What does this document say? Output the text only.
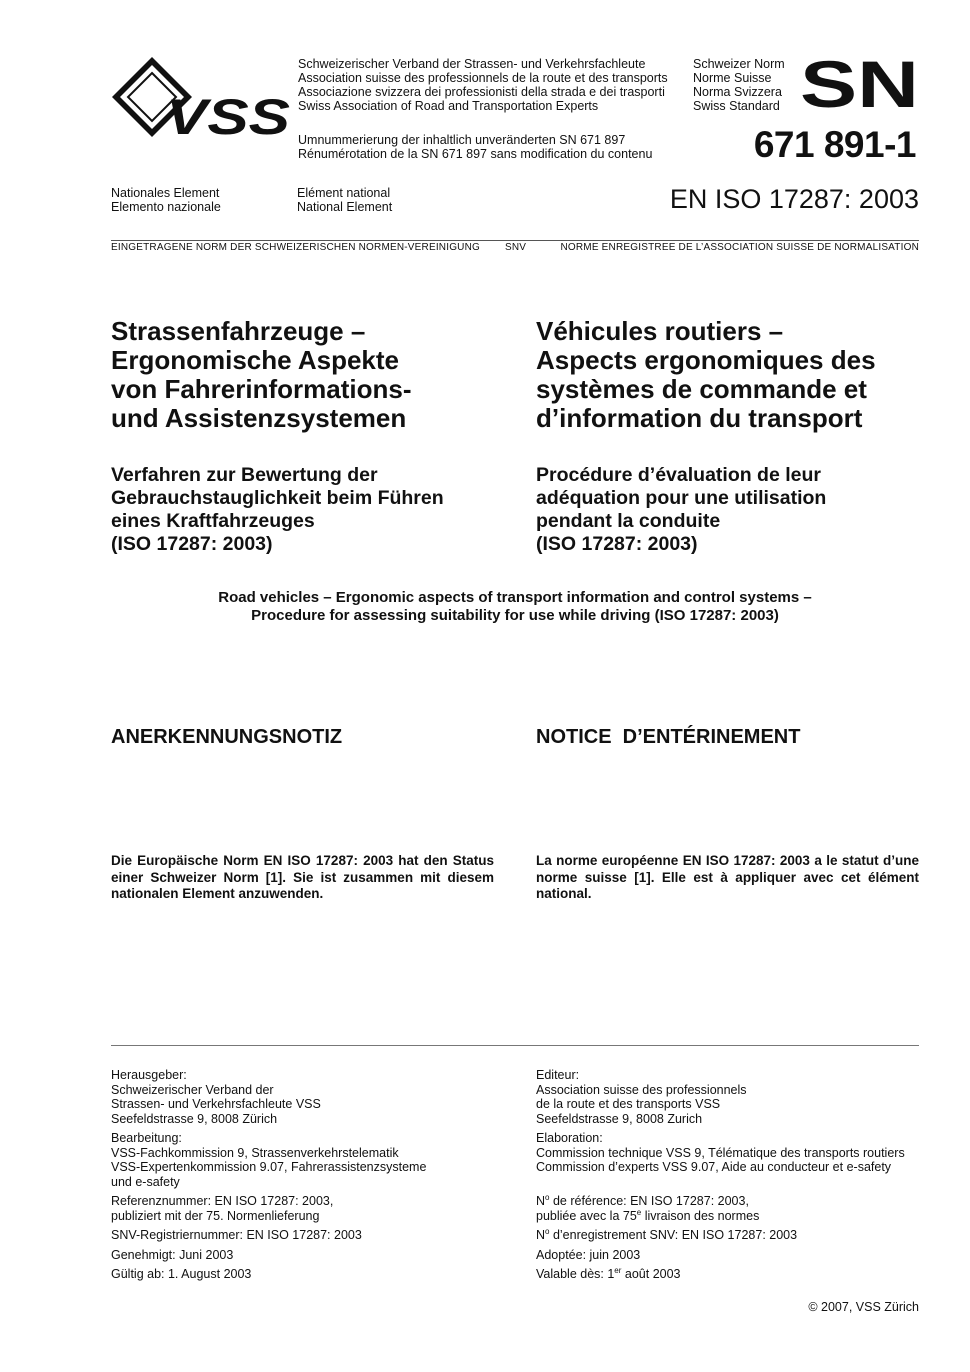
VSS
Schweizerischer Verband der Strassen- und Verkehrsfachleute
Association suisse des professionnels de la route et des transports
Associazione svizzera dei professionisti della strada e dei trasporti
Swiss Association of Road and Transportation Experts
Umnummerierung der inhaltlich unveränderten SN 671 897
Rénumérotation de la SN 671 897 sans modification du contenu
Schweizer Norm
Norme Suisse
Norma Svizzera
Swiss Standard SN
671 891-1
Nationales Element
Elemento nazionale
Elément national
National Element	EN ISO 17287: 2003
EINGETRAGENE NORM DER SCHWEIZERISCHEN NORMEN-VEREINIGUNG SNV	NORME ENREGISTREE DE L’ASSOCIATION SUISSE DE NORMALISATION
Strassenfahrzeuge –
Ergonomische Aspekte
von Fahrerinformations-
und Assistenzsystemen
Véhicules routiers –
Aspects ergonomiques des
systèmes de commande et
d’information du transport
Verfahren zur Bewertung der
Gebrauchstauglichkeit beim Führen
eines Kraftfahrzeuges
(ISO 17287: 2003)
Procédure d’évaluation de leur
adéquation pour une utilisation
pendant la conduite
(ISO 17287: 2003)
Road vehicles – Ergonomic aspects of transport information and control systems –
Procedure for assessing suitability for use while driving (ISO 17287: 2003)
ANERKENNUNGSNOTIZ	NOTICE  D’ENTÉRINEMENT
Die Europäische Norm EN ISO 17287: 2003 hat den Status einer Schweizer Norm [1]. Sie ist zusammen mit diesem nationalen Element anzuwenden.
La norme européenne EN ISO 17287: 2003 a le statut d’une norme suisse [1]. Elle est à appliquer avec cet élément national.
Herausgeber:
Schweizerischer Verband der
Strassen- und Verkehrsfachleute VSS
Seefeldstrasse 9, 8008 Zürich
Bearbeitung:
VSS-Fachkommission 9, Strassenverkehrstelematik
VSS-Expertenkommission 9.07, Fahrerassistenzsysteme
und e-safety
Referenznummer: EN ISO 17287: 2003,
publiziert mit der 75. Normenlieferung
SNV-Registriernummer: EN ISO 17287: 2003
Genehmigt: Juni 2003
Gültig ab: 1. August 2003
Editeur:
Association suisse des professionnels
de la route et des transports VSS
Seefeldstrasse 9, 8008 Zurich
Elaboration:
Commission technique VSS 9, Télématique des transports routiers
Commission d’experts VSS 9.07, Aide au conducteur et e-safety
$N^o$ de référence: EN ISO 17287: 2003,
publiée avec la 75e livraison des normes
$N^o$ d’enregistrement SNV: EN ISO 17287: 2003
Adoptée: juin 2003
Valable dès: 1er août 2003
© 2007, VSS Zürich
